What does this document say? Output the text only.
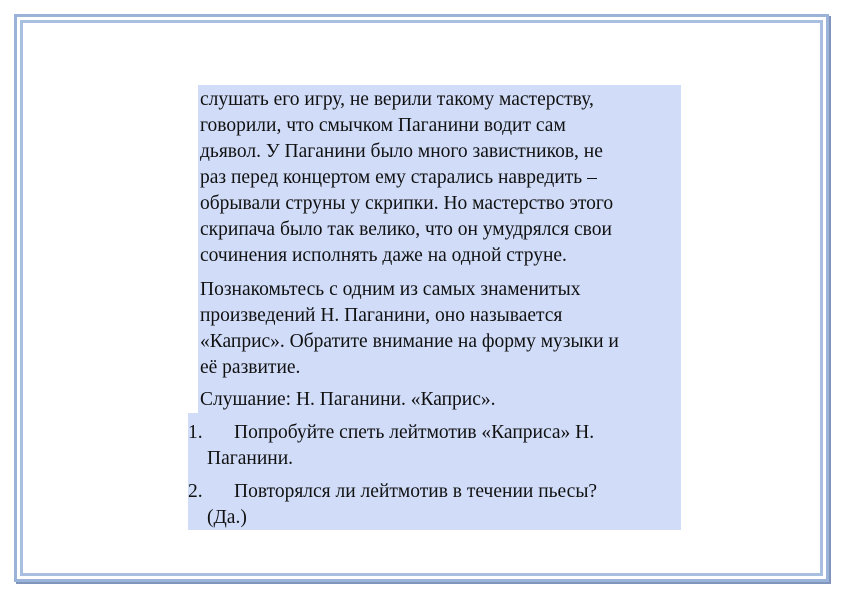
слушать его игру, не верили такому мастерству,
говорили, что смычком Паганини водит сам
дьявол. У Паганини было много завистников, не
раз перед концертом ему старались навредить –
обрывали струны у скрипки. Но мастерство этого
скрипача было так велико, что он умудрялся свои
сочинения исполнять даже на одной струне.
Познакомьтесь с одним из самых знаменитых
произведений Н. Паганини, оно называется
«Каприс». Обратите внимание на форму музыки и
её развитие.
Слушание: Н. Паганини. «Каприс».
1. Попробуйте спеть лейтмотив «Каприса» Н.
Паганини.
2. Повторялся ли лейтмотив в течении пьесы?
(Да.)
